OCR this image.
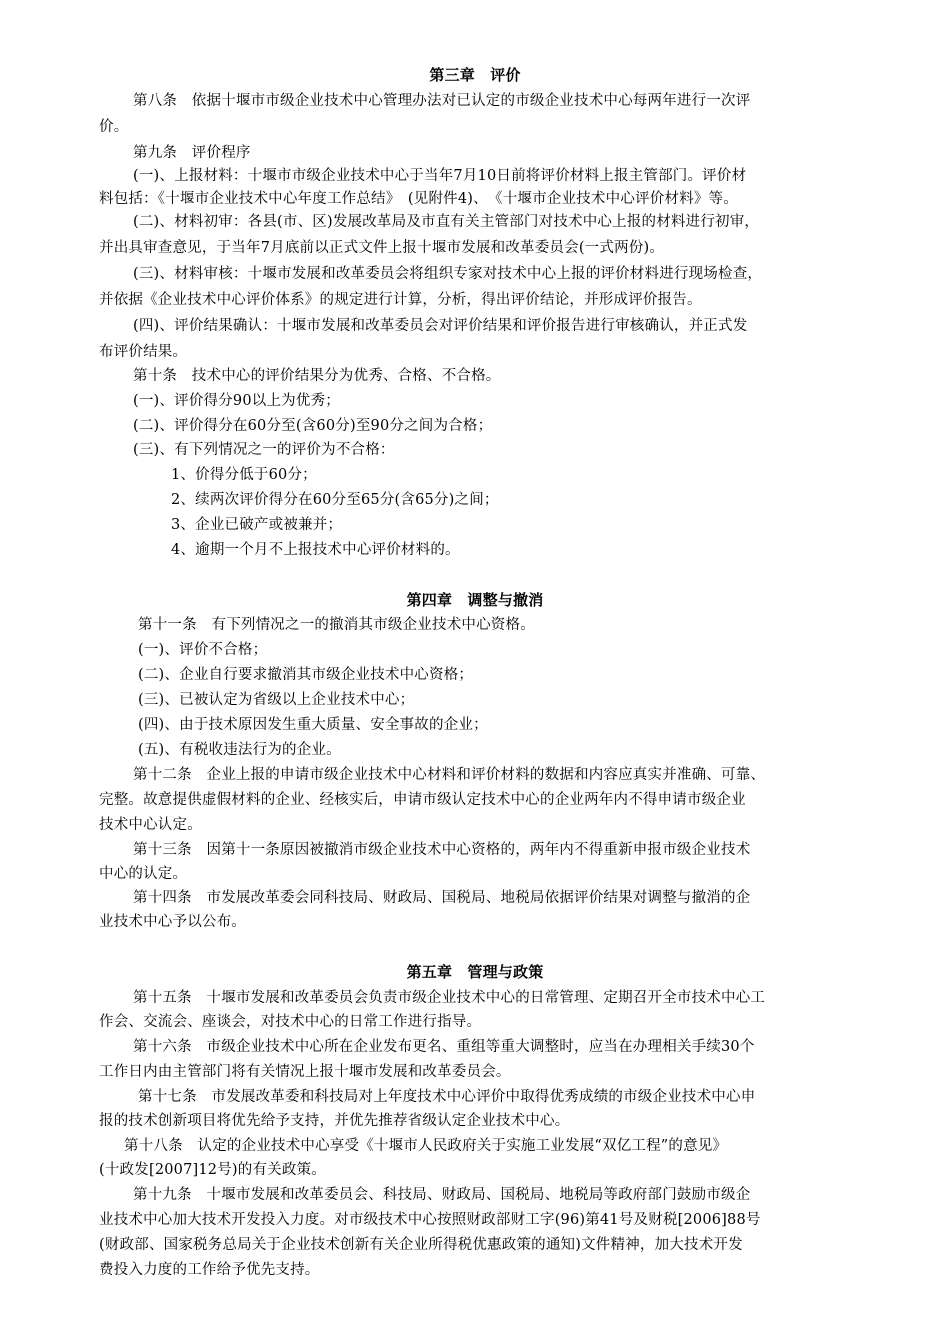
第三章　评价
第八条　依据十堰市市级企业技术中心管理办法对已认定的市级企业技术中心每两年进行一次评
价。
第九条　评价程序
(一)、上报材料：十堰市市级企业技术中心于当年7月10日前将评价材料上报主管部门。评价材
料包括：《十堰市企业技术中心年度工作总结》　(见附件4)、　《十堰市企业技术中心评价材料》等。
(二)、材料初审：各县(市、区)发展改革局及市直有关主管部门对技术中心上报的材料进行初审，
并出具审查意见，于当年7月底前以正式文件上报十堰市发展和改革委员会(一式两份)。
(三)、材料审核：十堰市发展和改革委员会将组织专家对技术中心上报的评价材料进行现场检查，
并依据《企业技术中心评价体系》的规定进行计算，分析，得出评价结论，并形成评价报告。
(四)、评价结果确认：十堰市发展和改革委员会对评价结果和评价报告进行审核确认，并正式发
布评价结果。
第十条　技术中心的评价结果分为优秀、合格、不合格。
(一)、评价得分90以上为优秀；
(二)、评价得分在60分至(含60分)至90分之间为合格；
(三)、有下列情况之一的评价为不合格：
1、价得分低于60分；
2、续两次评价得分在60分至65分(含65分)之间；
3、企业已破产或被兼并；
4、逾期一个月不上报技术中心评价材料的。
第四章　调整与撤消
第十一条　有下列情况之一的撤消其市级企业技术中心资格。
(一)、评价不合格；
(二)、企业自行要求撤消其市级企业技术中心资格；
(三)、已被认定为省级以上企业技术中心；
(四)、由于技术原因发生重大质量、安全事故的企业；
(五)、有税收违法行为的企业。
第十二条　企业上报的申请市级企业技术中心材料和评价材料的数据和内容应真实并准确、可靠、
完整。故意提供虚假材料的企业、经核实后，申请市级认定技术中心的企业两年内不得申请市级企业
技术中心认定。
第十三条　因第十一条原因被撤消市级企业技术中心资格的，两年内不得重新申报市级企业技术
中心的认定。
第十四条　市发展改革委会同科技局、财政局、国税局、地税局依据评价结果对调整与撤消的企
业技术中心予以公布。
第五章　管理与政策
第十五条　十堰市发展和改革委员会负责市级企业技术中心的日常管理、定期召开全市技术中心工
作会、交流会、座谈会，对技术中心的日常工作进行指导。
第十六条　市级企业技术中心所在企业发布更名、重组等重大调整时，应当在办理相关手续30个
工作日内由主管部门将有关情况上报十堰市发展和改革委员会。
第十七条　市发展改革委和科技局对上年度技术中心评价中取得优秀成绩的市级企业技术中心申
报的技术创新项目将优先给予支持，并优先推荐省级认定企业技术中心。
第十八条　认定的企业技术中心享受《十堰市人民政府关于实施工业发展“双亿工程”的意见》
(十政发[2007]12号)的有关政策。
第十九条　十堰市发展和改革委员会、科技局、财政局、国税局、地税局等政府部门鼓励市级企
业技术中心加大技术开发投入力度。对市级技术中心按照财政部财工字(96)第41号及财税[2006]88号
(财政部、国家税务总局关于企业技术创新有关企业所得税优惠政策的通知)文件精神，加大技术开发
费投入力度的工作给予优先支持。
